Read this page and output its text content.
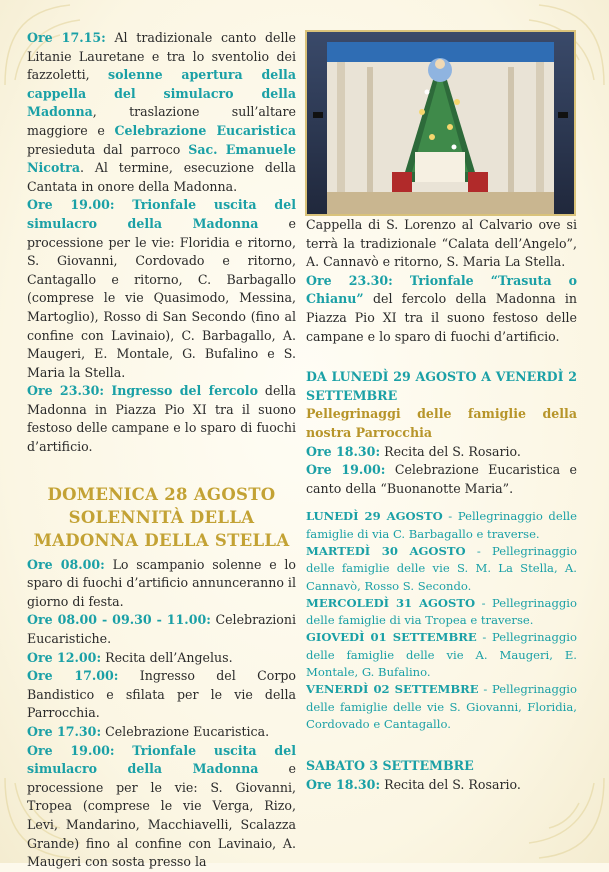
Ore 17.15: Al tradizionale canto delle Litanie Lauretane e tra lo sventolio dei fazzoletti, solenne apertura della cappella del simulacro della Madonna, traslazione sull’altare maggiore e Celebrazione Eucaristica presieduta dal parroco Sac. Emanuele Nicotra. Al termine, esecuzione della Cantata in onore della Madonna.

Ore 19.00: Trionfale uscita del simulacro della Madonna e processione per le vie: Floridia e ritorno, S. Giovanni, Cordovado e ritorno, Cantagallo e ritorno, C. Barbagallo (comprese le vie Quasimodo, Messina, Martoglio), Rosso di San Secondo (fino al confine con Lavinaio), C. Barbagallo, A. Maugeri, E. Montale, G. Bufalino e S. Maria la Stella.

Ore 23.30: Ingresso del fercolo della Madonna in Piazza Pio XI tra il suono festoso delle campane e lo sparo di fuochi d’artificio.

DOMENICA 28 AGOSTO
SOLENNITÀ DELLA
MADONNA DELLA STELLA

Ore 08.00: Lo scampanio solenne e lo sparo di fuochi d’artificio annunceranno il giorno di festa.

Ore 08.00 - 09.30 - 11.00: Celebrazioni Eucaristiche.

Ore 12.00: Recita dell’Angelus.

Ore 17.00: Ingresso del Corpo Bandistico e sfilata per le vie della Parrocchia.

Ore 17.30: Celebrazione Eucaristica.

Ore 19.00: Trionfale uscita del simulacro della Madonna e processione per le vie: S. Giovanni, Tropea (comprese le vie Verga, Rizo, Levi, Mandarino, Macchiavelli, Scalazza Grande) fino al confine con Lavinaio, A. Maugeri con sosta presso la

Cappella di S. Lorenzo al Calvario ove si terrà la tradizionale “Calata dell’Angelo”, A. Cannavò e ritorno, S. Maria La Stella.

Ore 23.30: Trionfale “Trasuta o Chianu” del fercolo della Madonna in Piazza Pio XI tra il suono festoso delle campane e lo sparo di fuochi d’artificio.

DA LUNEDÌ 29 AGOSTO A VENERDÌ 2 SETTEMBRE

Pellegrinaggi delle famiglie della nostra Parrocchia

Ore 18.30: Recita del S. Rosario.

Ore 19.00: Celebrazione Eucaristica e canto della “Buonanotte Maria”.

LUNEDÌ 29 AGOSTO - Pellegrinaggio delle famiglie di via C. Barbagallo e traverse.

MARTEDÌ 30 AGOSTO - Pellegrinaggio delle famiglie delle vie S. M. La Stella, A. Cannavò, Rosso S. Secondo.

MERCOLEDÌ 31 AGOSTO - Pellegrinaggio delle famiglie di via Tropea e traverse.

GIOVEDÌ 01 SETTEMBRE - Pellegrinaggio delle famiglie delle vie A. Maugeri, E. Montale, G. Bufalino.

VENERDÌ 02 SETTEMBRE - Pellegrinaggio delle famiglie delle vie S. Giovanni, Floridia, Cordovado e Cantagallo.

SABATO 3 SETTEMBRE

Ore 18.30: Recita del S. Rosario.
